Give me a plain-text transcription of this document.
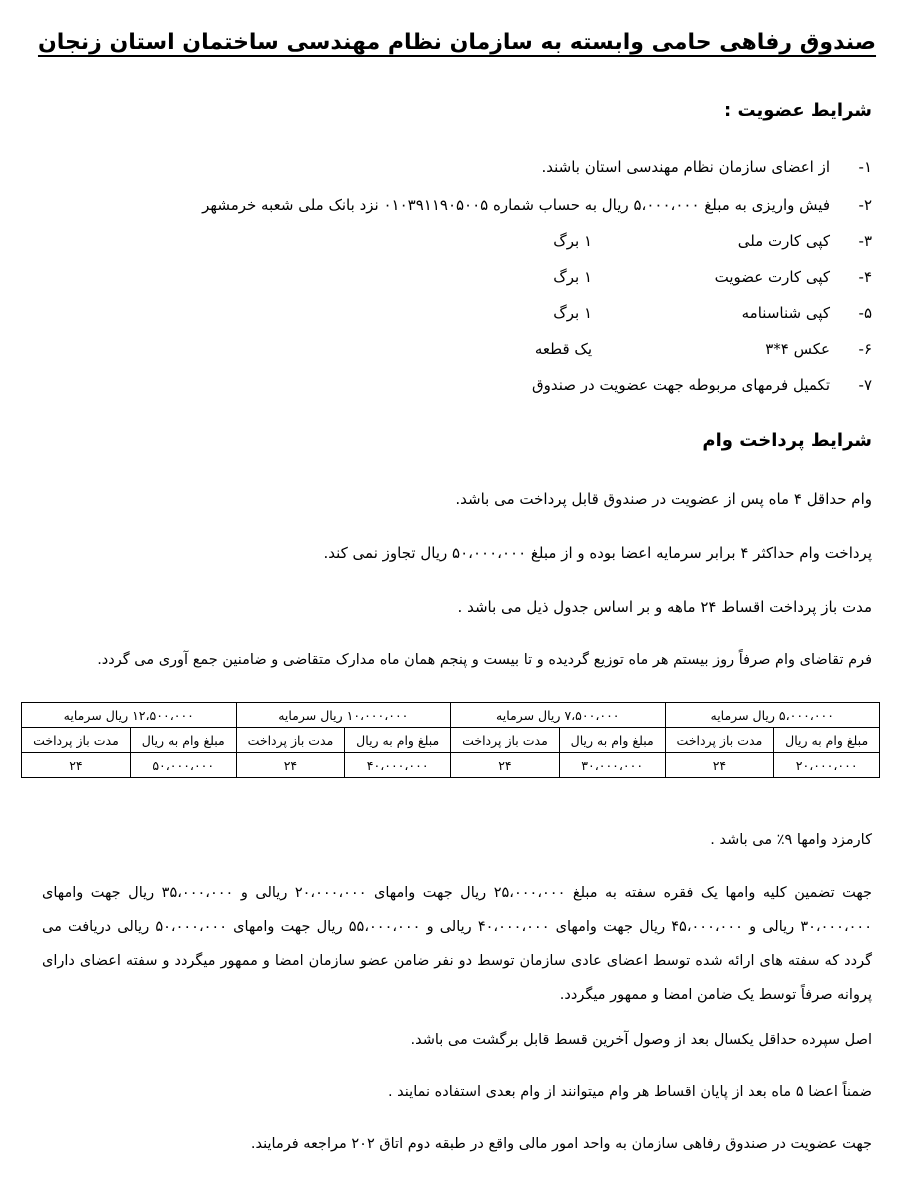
صندوق رفاهی حامی وابسته به سازمان نظام مهندسی ساختمان استان زنجان
شرایط عضویت :
۱-از اعضای سازمان نظام مهندسی استان باشند.
۲-فیش واریزی به مبلغ ۵،۰۰۰،۰۰۰ ریال به حساب شماره ۰۱۰۳۹۱۱۹۰۵۰۰۵ نزد بانک ملی شعبه خرمشهر
۳-کپی کارت ملی
۱ برگ
۴-کپی کارت عضویت
۱ برگ
۵-کپی شناسنامه
۱ برگ
۶-عکس ۴*۳
یک قطعه
۷-تکمیل فرمهای مربوطه جهت عضویت در صندوق
شرایط پرداخت وام
وام حداقل ۴ ماه پس از عضویت در صندوق قابل پرداخت می باشد.
پرداخت وام حداکثر ۴ برابر سرمایه اعضا بوده و از مبلغ ۵۰،۰۰۰،۰۰۰ ریال تجاوز نمی کند.
مدت باز پرداخت اقساط ۲۴ ماهه و بر اساس جدول ذیل می باشد .
فرم تقاضای وام صرفاً روز بیستم هر ماه توزیع گردیده و تا بیست و پنجم همان ماه مدارک متقاضی و ضامنین جمع آوری می گردد.
۵،۰۰۰،۰۰۰ ریال سرمایه		۷،۵۰۰،۰۰۰ ریال سرمایه		۱۰،۰۰۰،۰۰۰ ریال سرمایه		۱۲،۵۰۰،۰۰۰ ریال سرمایه	
مبلغ وام به ریال	مدت باز پرداخت	مبلغ وام به ریال	مدت باز پرداخت	مبلغ وام به ریال	مدت باز پرداخت	مبلغ وام به ریال	مدت باز پرداخت
۲۰،۰۰۰،۰۰۰	۲۴	۳۰،۰۰۰،۰۰۰	۲۴	۴۰،۰۰۰،۰۰۰	۲۴	۵۰،۰۰۰،۰۰۰	۲۴
کارمزد وامها ۹٪ می باشد .
جهت تضمین کلیه وامها یک فقره سفته به مبلغ ۲۵،۰۰۰،۰۰۰ ریال جهت وامهای ۲۰،۰۰۰،۰۰۰ ریالی و ۳۵،۰۰۰،۰۰۰ ریال جهت وامهای ۳۰،۰۰۰،۰۰۰ ریالی و ۴۵،۰۰۰،۰۰۰ ریال جهت وامهای ۴۰،۰۰۰،۰۰۰ ریالی و ۵۵،۰۰۰،۰۰۰ ریال جهت وامهای ۵۰،۰۰۰،۰۰۰ ریالی دریافت می گردد که سفته های ارائه شده توسط اعضای عادی سازمان توسط دو نفر ضامن عضو سازمان امضا و ممهور میگردد و سفته اعضای دارای پروانه صرفاً توسط یک ضامن امضا و ممهور میگردد.
اصل سپرده حداقل یکسال بعد از وصول آخرین قسط قابل برگشت می باشد.
ضمناً اعضا ۵ ماه بعد از پایان اقساط هر وام میتوانند از وام بعدی استفاده نمایند .
جهت عضویت در صندوق رفاهی سازمان به واحد امور مالی واقع در طبقه دوم اتاق ۲۰۲ مراجعه فرمایند.
